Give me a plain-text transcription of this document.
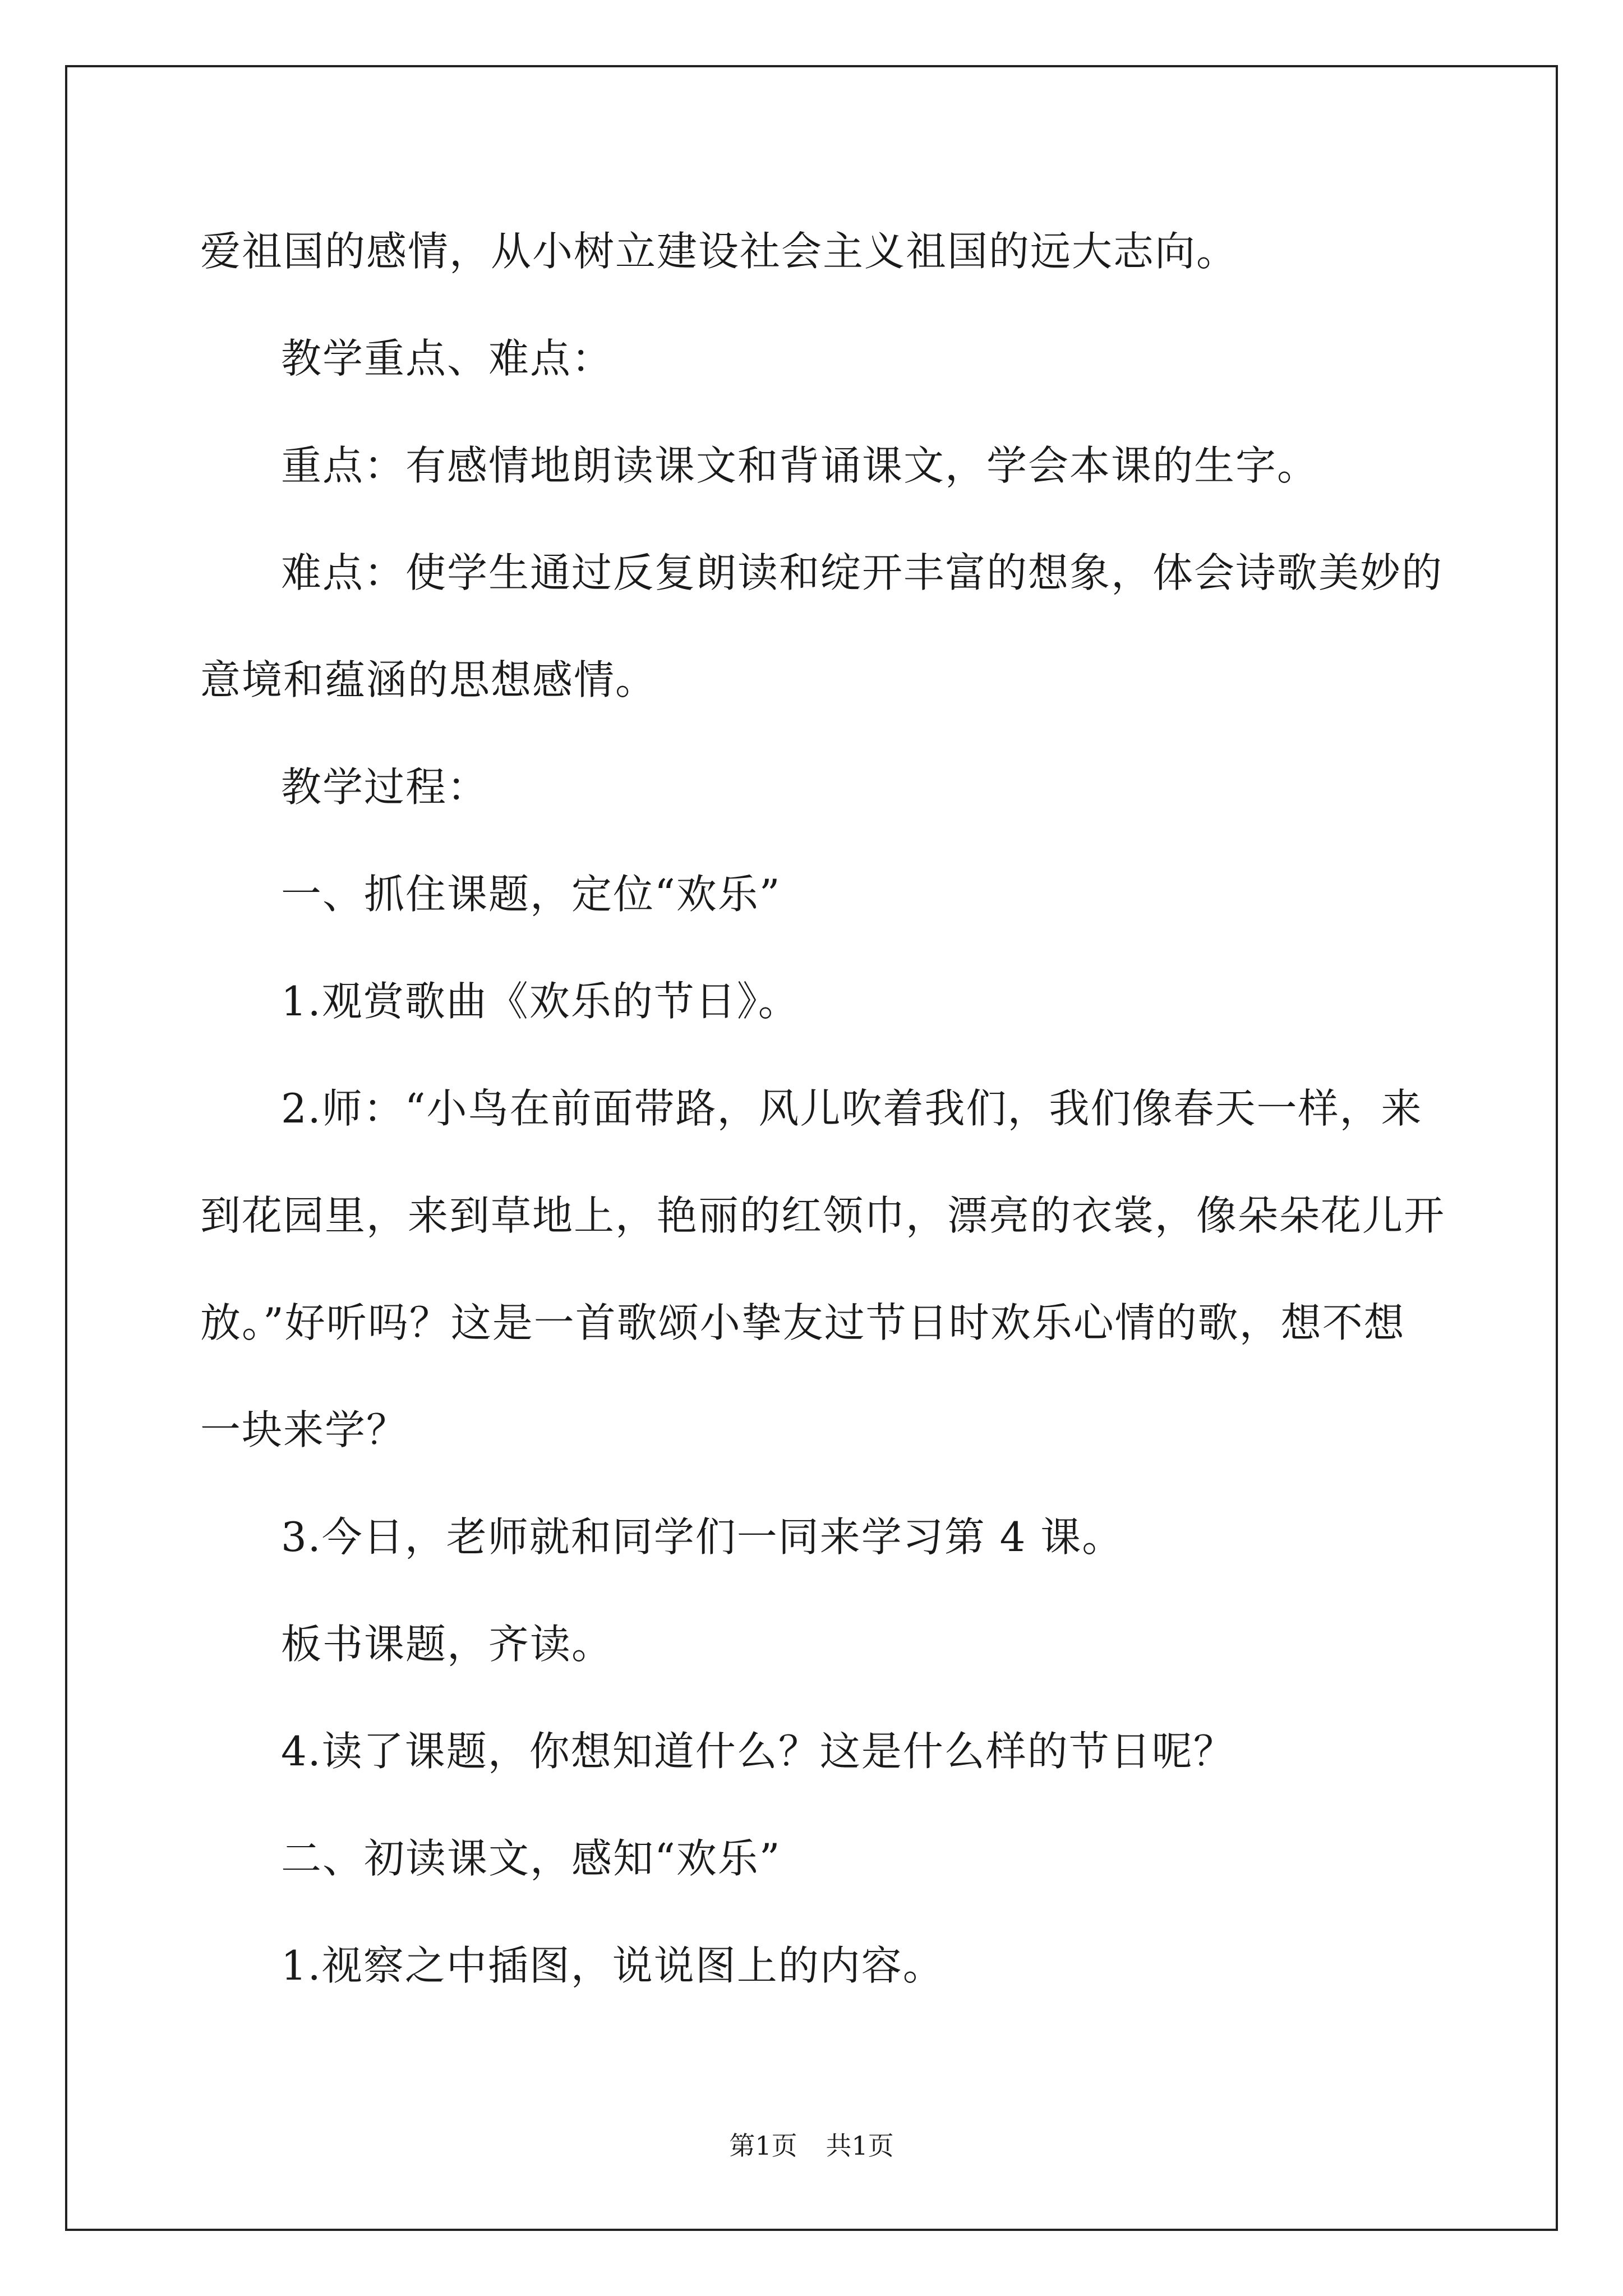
爱祖国的感情，从小树立建设社会主义祖国的远大志向。
教学重点、难点：
重点：有感情地朗读课文和背诵课文，学会本课的生字。
难点：使学生通过反复朗读和绽开丰富的想象，体会诗歌美妙的
意境和蕴涵的思想感情。
教学过程：
一、抓住课题，定位“欢乐”
1.观赏歌曲《欢乐的节日》。
2.师：“小鸟在前面带路，风儿吹着我们，我们像春天一样，来
到花园里，来到草地上，艳丽的红领巾，漂亮的衣裳，像朵朵花儿开
放。”好听吗？这是一首歌颂小挚友过节日时欢乐心情的歌，想不想
一块来学？
3.今日，老师就和同学们一同来学习第 4 课。
板书课题，齐读。
4.读了课题，你想知道什么？这是什么样的节日呢？
二、初读课文，感知“欢乐”
1.视察之中插图，说说图上的内容。
第1页 共1页
